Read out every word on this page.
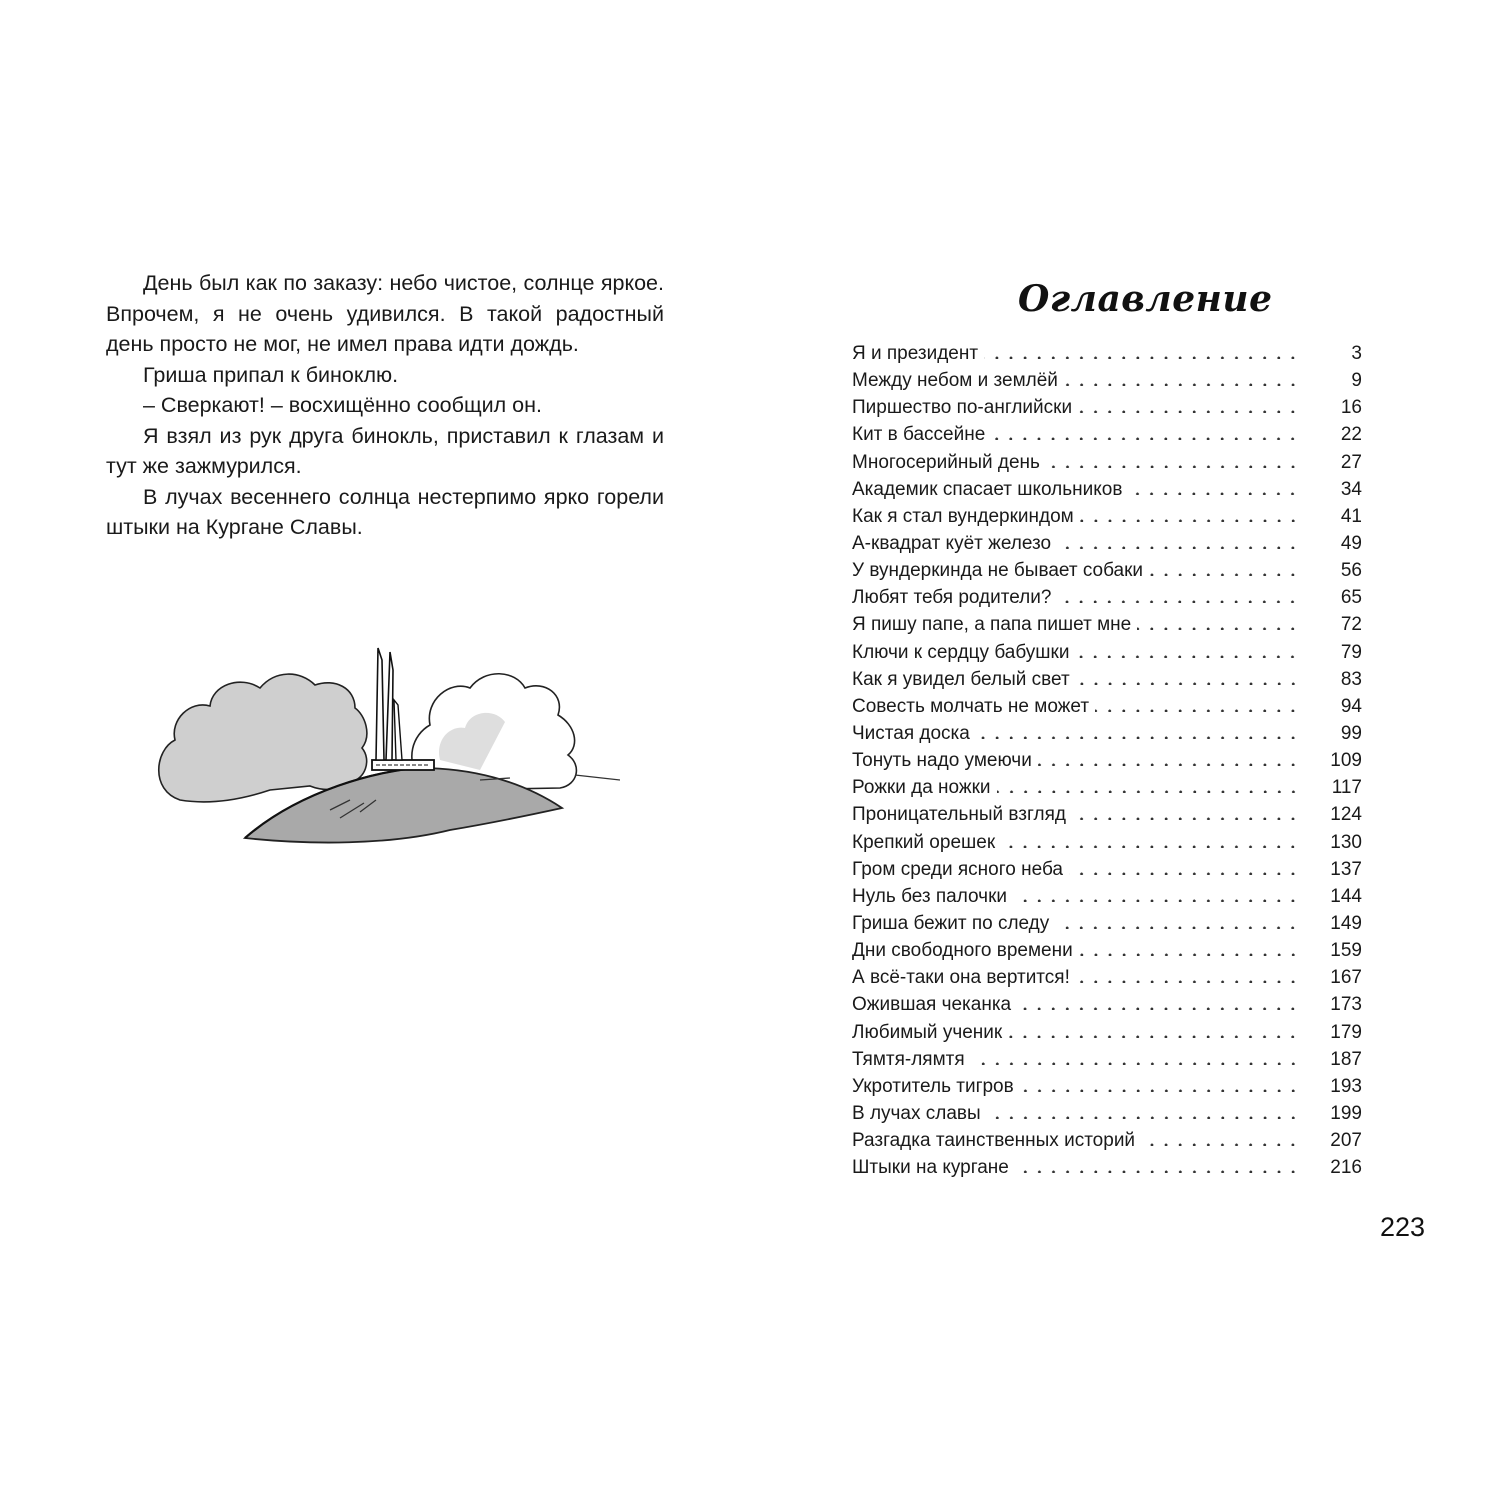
День был как по заказу: небо чистое, солнце яркое. Впрочем, я не очень удивился. В такой радостный день просто не мог, не имел права идти дождь.

Гриша припал к биноклю.

– Сверкают! – восхищённо сообщил он.

Я взял из рук друга бинокль, приставил к глазам и тут же зажмурился.

В лучах весеннего солнца нестерпимо ярко горели штыки на Кургане Славы.

Оглавление
Я и президент	3
Между небом и землёй	9
Пиршество по-английски	16
Кит в бассейне	22
Многосерийный день	27
Академик спасает школьников	34
Как я стал вундеркиндом	41
А-квадрат куёт железо	49
У вундеркинда не бывает собаки	56
Любят тебя родители?	65
Я пишу папе, а папа пишет мне	72
Ключи к сердцу бабушки	79
Как я увидел белый свет	83
Совесть молчать не может	94
Чистая доска	99
Тонуть надо умеючи	109
Рожки да ножки	117
Проницательный взгляд	124
Крепкий орешек	130
Гром среди ясного неба	137
Нуль без палочки	144
Гриша бежит по следу	149
Дни свободного времени	159
А всё-таки она вертится!	167
Ожившая чеканка	173
Любимый ученик	179
Тямтя-лямтя	187
Укротитель тигров	193
В лучах славы	199
Разгадка таинственных историй	207
Штыки на кургане	216
223
